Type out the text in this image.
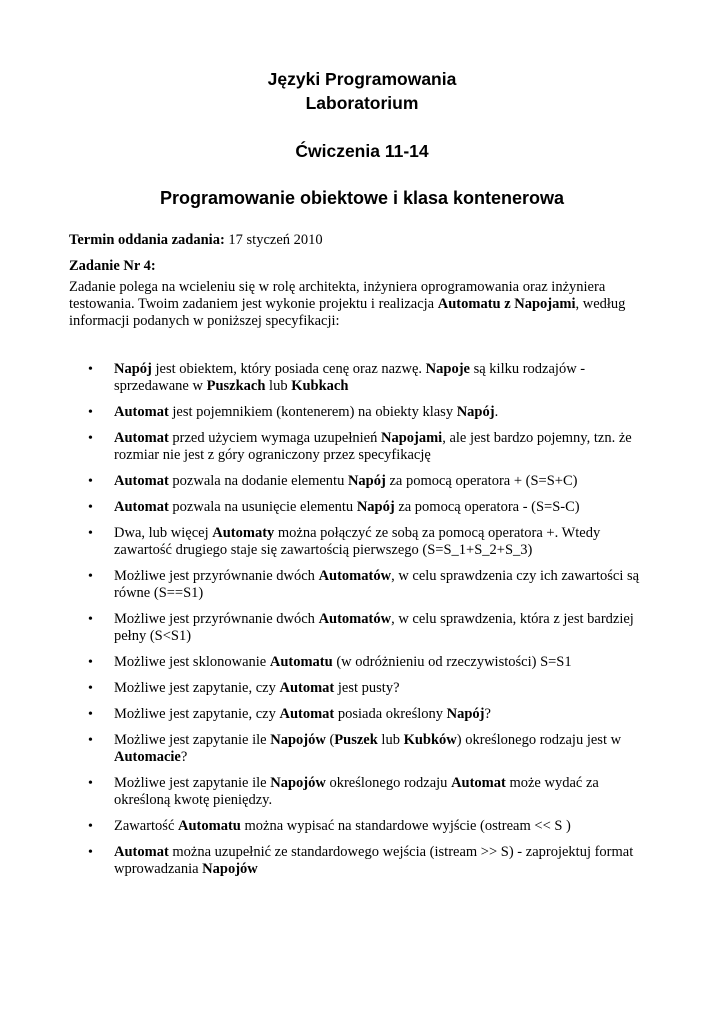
Języki Programowania
Laboratorium
Ćwiczenia 11-14
Programowanie obiektowe i klasa kontenerowa

Termin oddania zadania: 17 styczeń 2010

Zadanie Nr 4:

Zadanie polega na wcieleniu się w rolę architekta, inżyniera oprogramowania oraz inżyniera testowania. Twoim zadaniem jest wykonie projektu i realizacja Automatu z Napojami, według informacji podanych w poniższej specyfikacji:

• Napój jest obiektem, który posiada cenę oraz nazwę. Napoje są kilku rodzajów - sprzedawane w Puszkach lub Kubkach
• Automat jest pojemnikiem (kontenerem) na obiekty klasy Napój.
• Automat przed użyciem wymaga uzupełnień Napojami, ale jest bardzo pojemny, tzn. że rozmiar nie jest z góry ograniczony przez specyfikację
• Automat pozwala na dodanie elementu Napój za pomocą operatora + (S=S+C)
• Automat pozwala na usunięcie elementu Napój za pomocą operatora - (S=S-C)
• Dwa, lub więcej Automaty można połączyć ze sobą za pomocą operatora +. Wtedy zawartość drugiego staje się zawartością pierwszego (S=S_1+S_2+S_3)
• Możliwe jest przyrównanie dwóch Automatów, w celu sprawdzenia czy ich zawartości są równe (S==S1)
• Możliwe jest przyrównanie dwóch Automatów, w celu sprawdzenia, która z jest bardziej pełny (S<S1)
• Możliwe jest sklonowanie Automatu (w odróżnieniu od rzeczywistości) S=S1
• Możliwe jest zapytanie, czy Automat jest pusty?
• Możliwe jest zapytanie, czy Automat posiada określony Napój?
• Możliwe jest zapytanie ile Napojów (Puszek lub Kubków) określonego rodzaju jest w Automacie?
• Możliwe jest zapytanie ile Napojów określonego rodzaju Automat może wydać za określoną kwotę pieniędzy.
• Zawartość Automatu można wypisać na standardowe wyjście (ostream << S )
• Automat można uzupełnić ze standardowego wejścia (istream >> S) - zaprojektuj format wprowadzania Napojów
